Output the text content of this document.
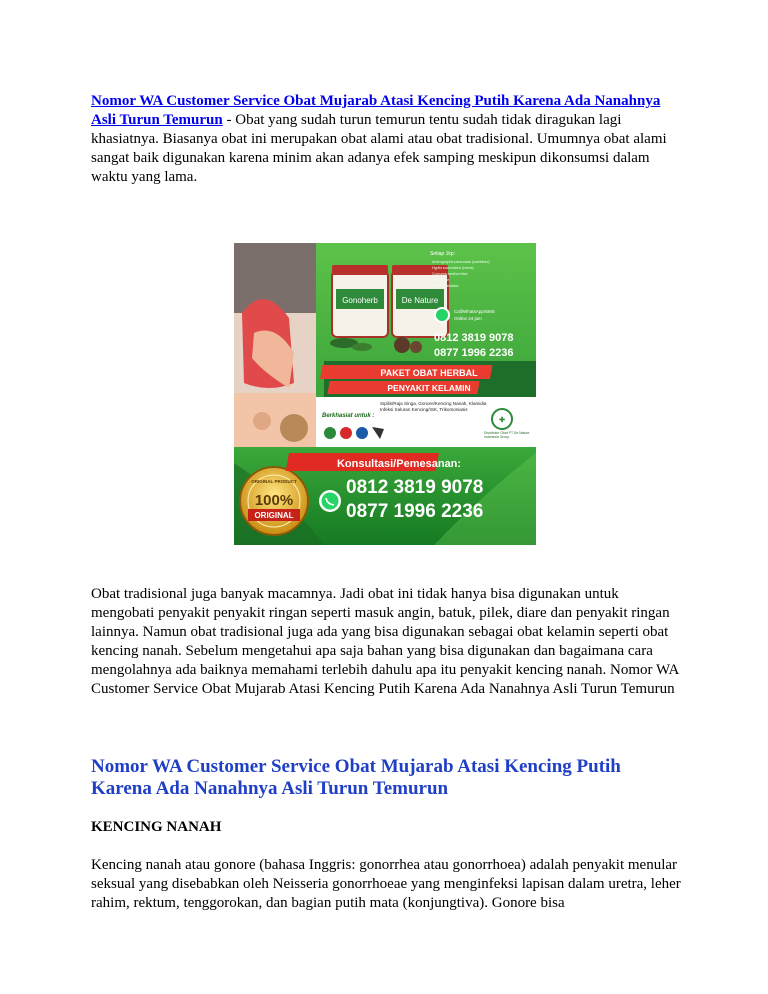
Nomor WA Customer Service Obat Mujarab Atasi Kencing Putih Karena Ada Nanahnya Asli Turun Temurun - Obat yang sudah turun temurun tentu sudah tidak diragukan lagi khasiatnya. Biasanya obat ini merupakan obat alami atau obat tradisional. Umumnya obat alami sangat baik digunakan karena minim akan adanya efek samping meskipun dikonsumsi dalam waktu yang lama.

Gonoherb	De Nature
Setiap 1kp:
Andrographis paniculata (sambiloto)
Hyptis suaveolens (herba)
Curcuma xanthorrhiza
Piper betle
Centella asiatica
Call/WhatsApp/SMS
Online 24 jam
0812 3819 9078
0877 1996 2236
PAKET OBAT HERBAL
PENYAKIT KELAMIN
Berkhasiat untuk :
Sipilis/Raja Singa, Gonore/Kencing Nanah, Klamidia Infeksi Saluran Kencing/ISK, Trikomoniasis
✚
Distributor Obat PT De Nature Indonesia Group
ORIGINAL PRODUCT
100%
ORIGINAL
Konsultasi/Pemesanan:
0812 3819 9078
0877 1996 2236

Obat tradisional juga banyak macamnya. Jadi obat ini tidak hanya bisa digunakan untuk mengobati penyakit penyakit ringan seperti masuk angin, batuk, pilek, diare dan penyakit ringan lainnya. Namun obat tradisional juga ada yang bisa digunakan sebagai obat kelamin seperti obat kencing nanah. Sebelum mengetahui apa saja bahan yang bisa digunakan dan bagaimana cara mengolahnya ada baiknya memahami terlebih dahulu apa itu penyakit kencing nanah. Nomor WA Customer Service Obat Mujarab Atasi Kencing Putih Karena Ada Nanahnya Asli Turun Temurun

Nomor WA Customer Service Obat Mujarab Atasi Kencing Putih Karena Ada Nanahnya Asli Turun Temurun
KENCING NANAH

Kencing nanah atau gonore (bahasa Inggris: gonorrhea atau gonorrhoea) adalah penyakit menular seksual yang disebabkan oleh Neisseria gonorrhoeae yang menginfeksi lapisan dalam uretra, leher rahim, rektum, tenggorokan, dan bagian putih mata (konjungtiva). Gonore bisa
